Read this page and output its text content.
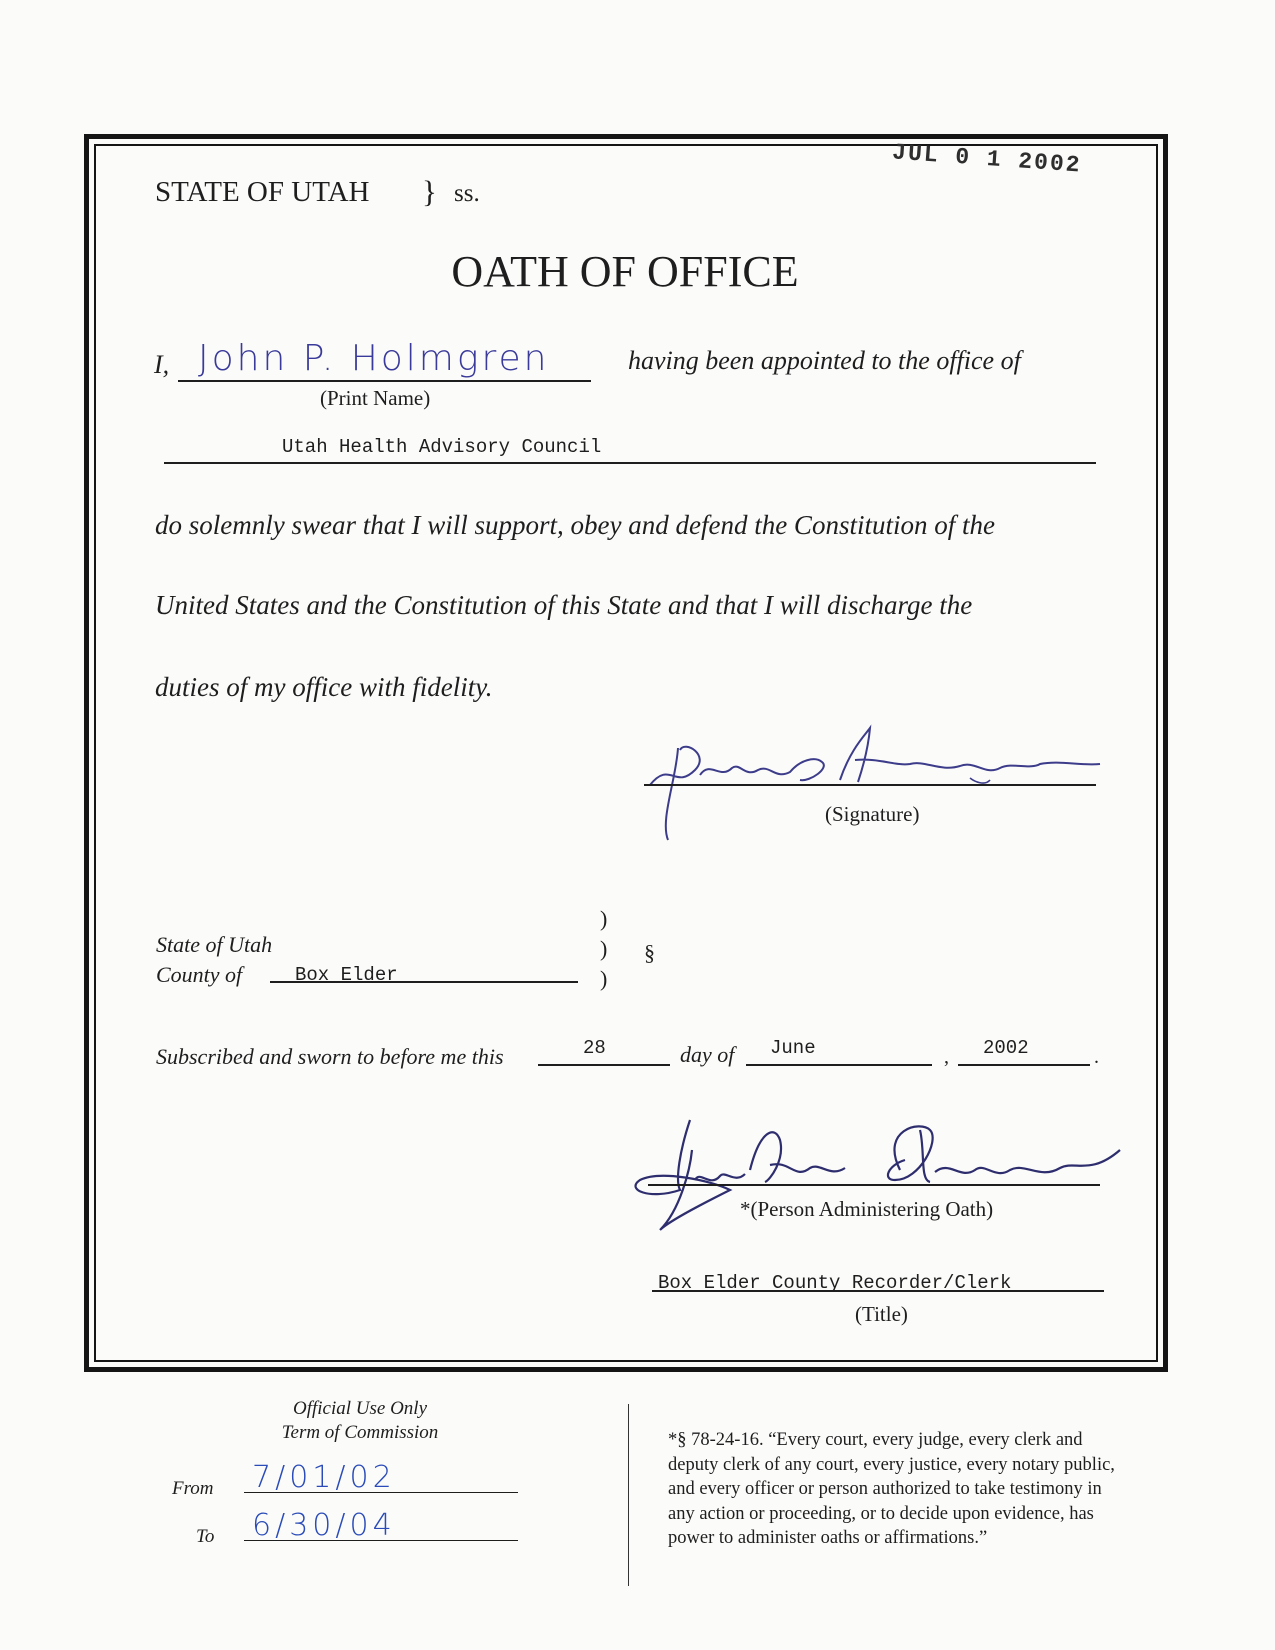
JUL 0 1 2002
STATE OF UTAH } ss.
OATH OF OFFICE
I, John P. Holmgren
(Print Name)
having been appointed to the office of
Utah Health Advisory Council
do solemnly swear that I will support, obey and defend the Constitution of the
United States and the Constitution of this State and that I will discharge the
duties of my office with fidelity.
John P. Holmgren
(Signature)
State of Utah
County of	Box Elder
)
)
)
§
Subscribed and sworn to before me this	28	day of June	, 2002	.
LuAnn Adams
*(Person Administering Oath)
Box Elder County Recorder/Clerk
(Title)
Official Use Only
Term of Commission
From 7/01/02
To 6/30/04
*§ 78-24-16. “Every court, every judge, every clerk and
deputy clerk of any court, every justice, every notary public,
and every officer or person authorized to take testimony in
any action or proceeding, or to decide upon evidence, has
power to administer oaths or affirmations.”
